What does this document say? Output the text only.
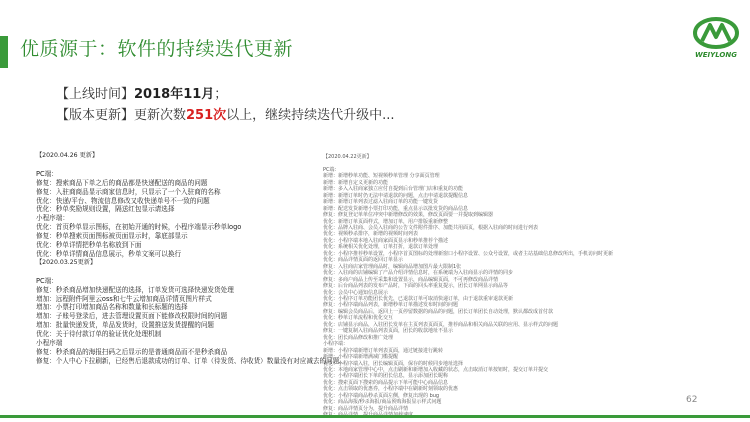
优质源于：软件的持续迭代更新	WEIYLONG
【上线时间】2018年11月；
【版本更新】更新次数251次以上，继续持续迭代升级中...
【2020.04.26 更新】

PC端：
修复：搜索商品下单之后的商品都是快递配送的商品的问题
修复：入驻商商品显示商家信息时，只显示了一个入驻商的名称
优化：快递/平台、物流信息修改又收快递单号不一致的问题
优化：秒单奖励规则设置，隔送红包显示请选择
小程序端：
优化：首页秒单显示图标，在初始开通的时候，小程序端显示秒单logo
修复：秒单搜索页面图标被页面显示时，靠底部显示
优化：秒单详情把秒单名称放到下面
优化：秒单详情商品信息展示，秒单文案可以换行
【2020.03.25更新】

PC端：
修复：秒杀商品增加快递配送的选择，订单发货可选择快递发货处理
增加：远程附件阿里云oss和七牛云增加商品详情页图片样式
增加：小票打印增加商品名称和数量和长标题的选择
增加：子账号登录后，进去管理设置页面下能修改权限时间的问题
增加：批量快递发货，单品发货时，设置推送发货提醒的问题
优化：关于待付款订单的验证优化处理机制
小程序端
修复：秒杀商品的海报扫码之后显示的是普通商品而不是秒杀商品
修复：个人中心下拉刷新，已经售后退款成功的订单、订单（待发货、待收货）数量没有对应减去的问题。
【2020.04.22更新】

PC端：
新增：新增秒单功能、短视频秒单管理 分享面页管理
新增：新增自定义更新的功能
新增：多入入驻商家独立应付自提到后台管理门店和重复的功能
新增：新增订单时仍无法申请退款的问题，点击申请退款提醒信息
新增：新增订单列表过滤入驻商订单的功能一键发货
新增：配送发货新增小票打印功能，重点显示以批发货的商品信息
修复：修复登记单单位冲突中新增修改的效果，修改页面要一并提取到编辑器
优化：新增订单页面样式，增加订单，用户排版重新修整
优化：品牌入驻商、会员入驻商的公告文件附件排序、加能共用面页，根据入驻商的时间进行列表
优化：视频秒杀排序，新增的视频时间列表
优化：小程序端本地入驻商家面页显示和秒单推荐个描述
优化：系统相关优化处理，订单打折，退款订单处理
优化：小程序推荐秒单设置，小程序首页图标的处理新窗口小程序设置、公众号设置，或者主站基础信息修改所出，手机访问时更新
优化：商品详情页面的返回订单显示
修复：入驻商店家管理商品时，编辑商品增加图片最大限制1张
优化：入驻商的店铺编辑了产品介绍详情信息时，在系统端为入驻商显示的详情的同步
修复：多商户商品上传至采集和设置显示，商品编辑页面，不可再修改商品详情
修复：后台商品列表的发布产品时，下面的回头率重复提示，团长订单网显示商品等
优化：会员中心通知信息展示
优化：小程序订单功能团长优先，已退款订单可取消快递订单，由于退款重审退款更新
修复：小程序端商品列表，新增秒单订单描述发布时间的问题
修复：编辑会员商品后，返回上一页停留数据的商品的问题，团长订单团长自动处理，默认都改成首付款
优化：秒单订单流程和优化交互
优化：店铺显示商品，入驻团长发单在主页列表页面页，推荐商品和相关商品关联的应用、显示样式的问题
修复：一键复制入驻商品列表页面，团长的收款地址不显示
优化：团长商品修改和推广处理
小程序端：
新增：小程序端新增订单列表页面，通过链接进行跳转
新增：小程序端新增满减门槛提醒
优化：小程序端入驻，团长编辑页面，保存的时候同步地址选择
优化：本地商家管理中心中，点击刷新和新增加入收藏的状态，点击取消订单按钮时，提交订单并提交
优化：小程序端团长下单的团长信息，显示添加团长昵称
优化：搜索页面下搜索的商品提示下单可能中心商品信息
优化：点击领取的优惠券，小程序端中在刷新时刻领取的优惠
优化：小程序端商品秒杀页面左侧，修复出现的 bug
优化：商品海报/秒杀海报/商品预购海报显示样式问题
修复：商品详情页分为，提升商品详情
62
